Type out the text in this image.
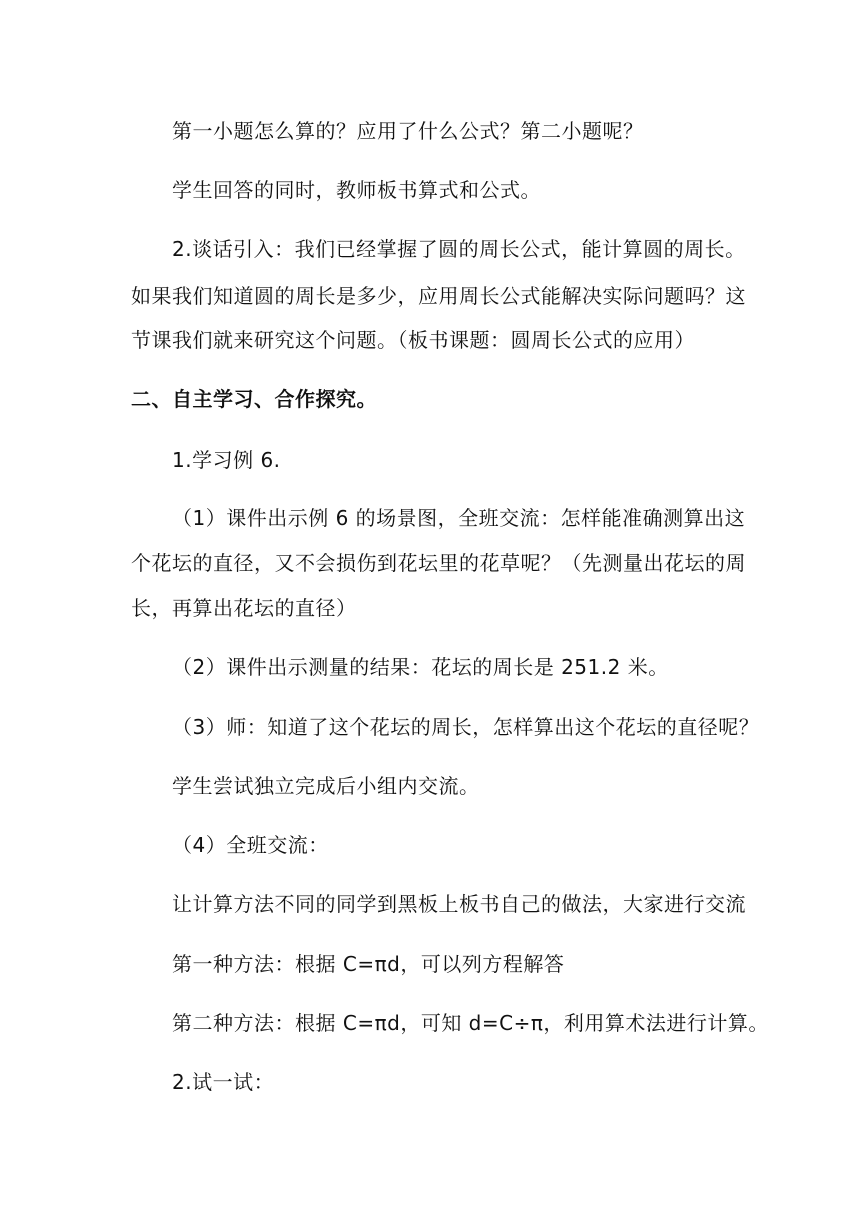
第一小题怎么算的？应用了什么公式？第二小题呢？
学生回答的同时，教师板书算式和公式。
2.谈话引入：我们已经掌握了圆的周长公式，能计算圆的周长。
如果我们知道圆的周长是多少，应用周长公式能解决实际问题吗？这
节课我们就来研究这个问题。（板书课题：圆周长公式的应用）
二、自主学习、合作探究。
1.学习例 6.
（1）课件出示例 6 的场景图，全班交流：怎样能准确测算出这
个花坛的直径，又不会损伤到花坛里的花草呢？（先测量出花坛的周
长，再算出花坛的直径）
（2）课件出示测量的结果：花坛的周长是 251.2 米。
（3）师：知道了这个花坛的周长，怎样算出这个花坛的直径呢？
学生尝试独立完成后小组内交流。
（4）全班交流：
让计算方法不同的同学到黑板上板书自己的做法，大家进行交流
第一种方法：根据 C=πd，可以列方程解答
第二种方法：根据 C=πd，可知 d=C÷π，利用算术法进行计算。
2.试一试：
